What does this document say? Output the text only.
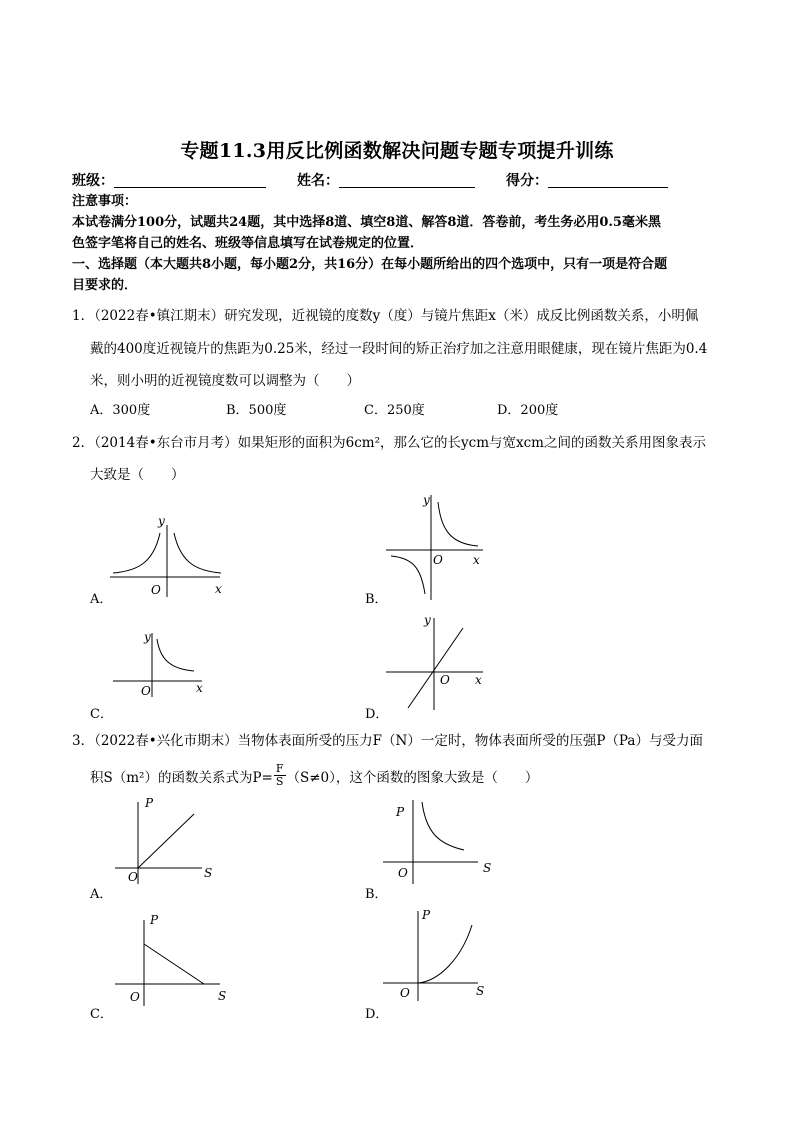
专题11.3用反比例函数解决问题专题专项提升训练
班级：	姓名：	得分：
注意事项：
本试卷满分100分，试题共24题，其中选择8道、填空8道、解答8道．答卷前，考生务必用0.5毫米黑
色签字笔将自己的姓名、班级等信息填写在试卷规定的位置．
一、选择题（本大题共8小题，每小题2分，共16分）在每小题所给出的四个选项中，只有一项是符合题
目要求的．
1．（2022春•镇江期末）研究发现，近视镜的度数y（度）与镜片焦距x（米）成反比例函数关系，小明佩
戴的400度近视镜片的焦距为0.25米，经过一段时间的矫正治疗加之注意用眼健康，现在镜片焦距为0.4
米，则小明的近视镜度数可以调整为（　　）
A．300度	B．500度	C．250度	D．200度
2．（2014春•东台市月考）如果矩形的面积为6cm²，那么它的长ycm与宽xcm之间的函数关系用图象表示
大致是（　　）
A．
y
x
O
B．
y
x
O
C．
y
x
O
D．
y
x
O
3．（2022春•兴化市期末）当物体表面所受的压力F（N）一定时，物体表面所受的压强P（Pa）与受力面
积S（m²）的函数关系式为$P= \frac{F}{S} (S\ne 0)$，这个函数的图象大致是（　　）
A．
P
S
O
B．
P
S
O
C．
P
S
O
D．
P
S
O
